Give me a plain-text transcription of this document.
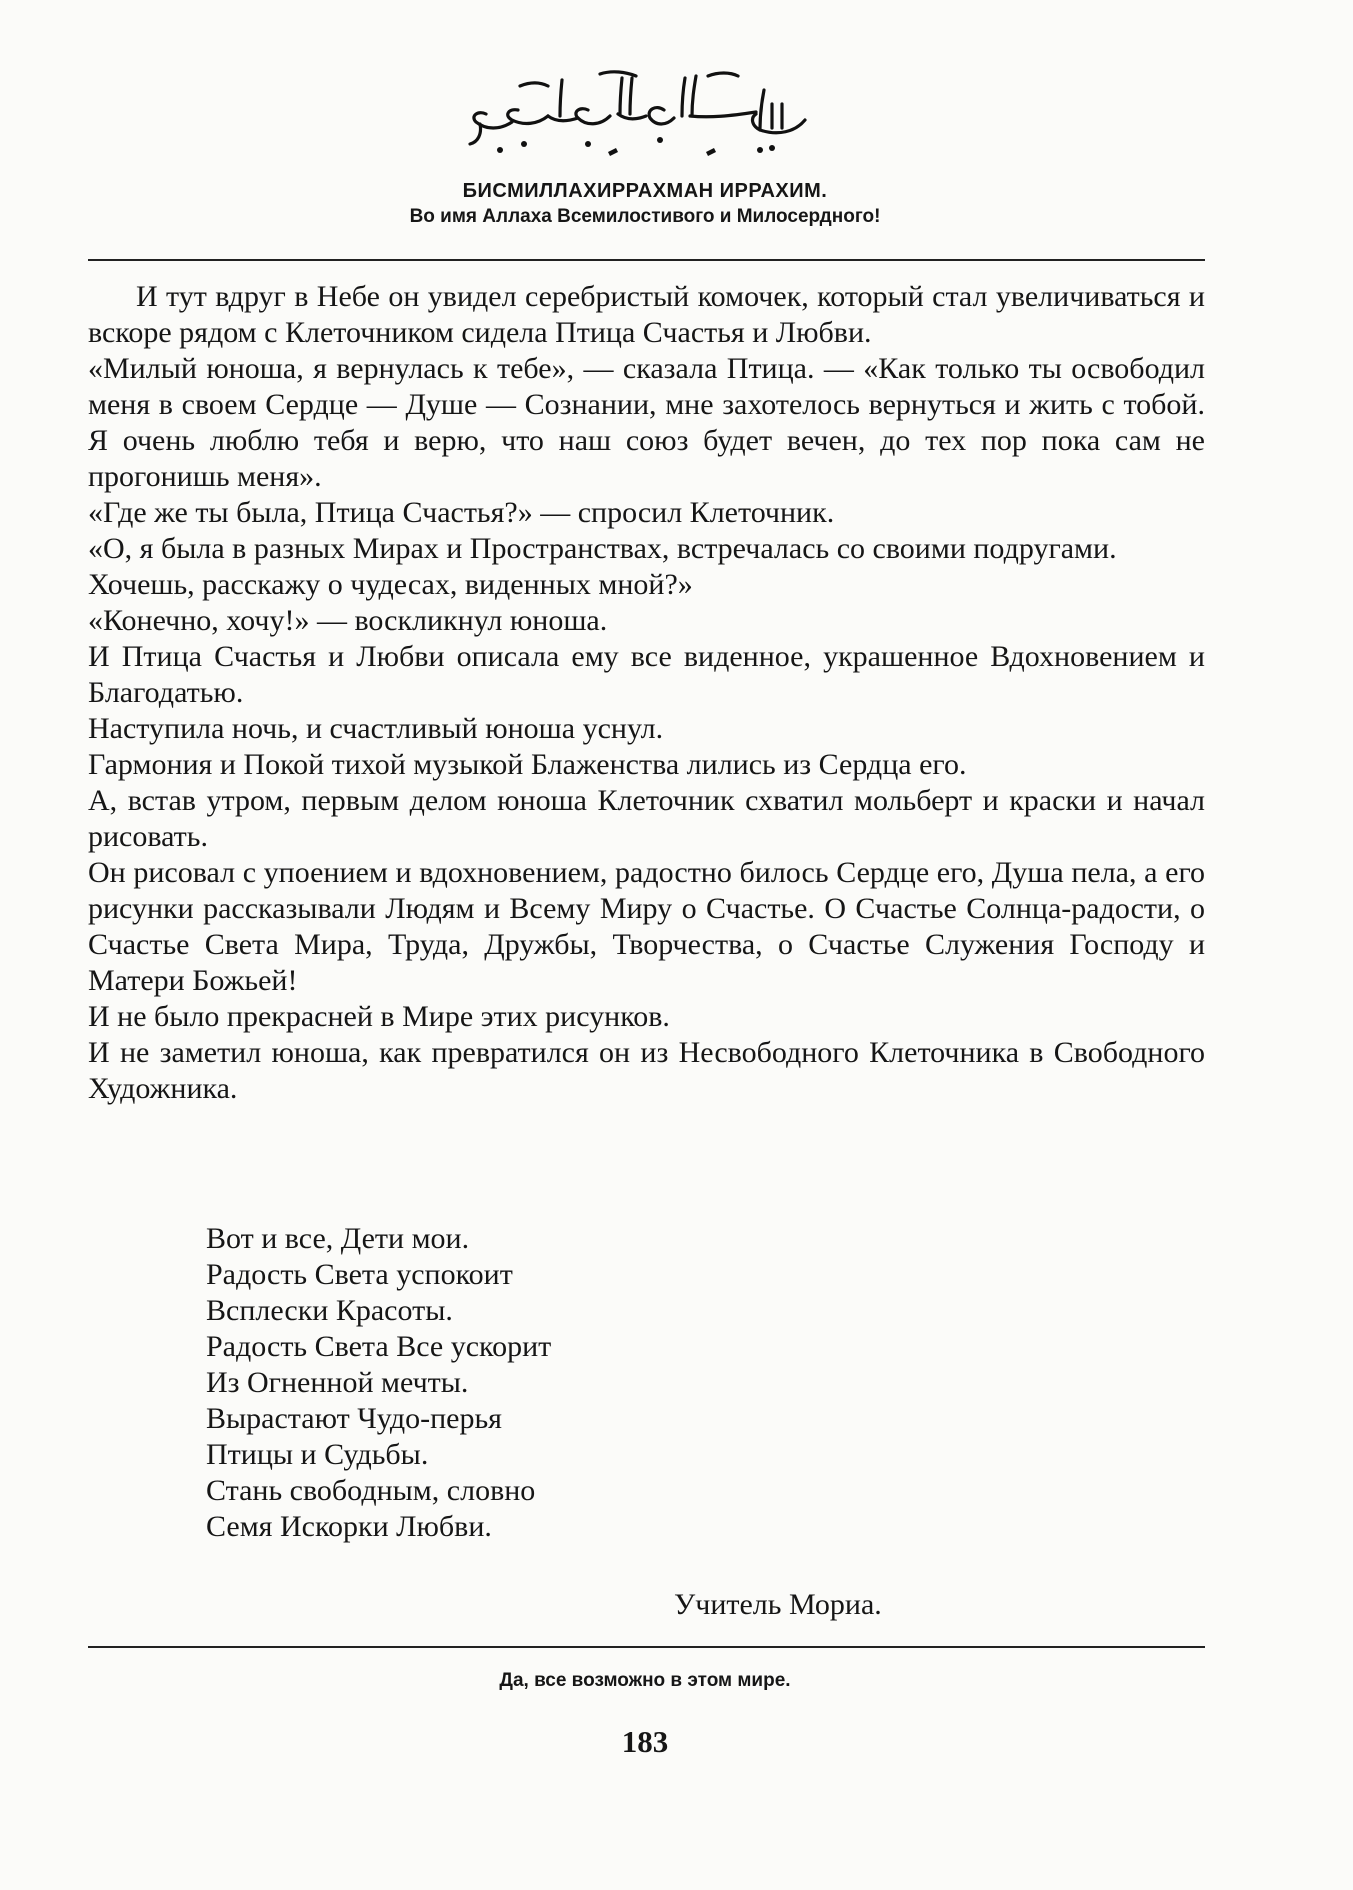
БИСМИЛЛАХИРРАХМАН ИРРАХИМ.
Во имя Аллаха Всемилостивого и Милосердного!

И тут вдруг в Небе он увидел серебристый комочек, который стал увеличиваться и вскоре рядом с Клеточником сидела Птица Счастья и Любви.

«Милый юноша, я вернулась к тебе», — сказала Птица. — «Как только ты освободил меня в своем Сердце — Душе — Сознании, мне захотелось вернуться и жить с тобой. Я очень люблю тебя и верю, что наш союз будет вечен, до тех пор пока сам не прогонишь меня».

«Где же ты была, Птица Счастья?» — спросил Клеточник.

«О, я была в разных Мирах и Пространствах, встречалась со своими подругами.

Хочешь, расскажу о чудесах, виденных мной?»

«Конечно, хочу!» — воскликнул юноша.

И Птица Счастья и Любви описала ему все виденное, украшенное Вдохновением и Благодатью.

Наступила ночь, и счастливый юноша уснул.

Гармония и Покой тихой музыкой Блаженства лились из Сердца его.

А, встав утром, первым делом юноша Клеточник схватил мольберт и краски и начал рисовать.

Он рисовал с упоением и вдохновением, радостно билось Сердце его, Душа пела, а его рисунки рассказывали Людям и Всему Миру о Счастье. О Счастье Солнца-радости, о Счастье Света Мира, Труда, Дружбы, Творчества, о Счастье Служения Господу и Матери Божьей!

И не было прекрасней в Мире этих рисунков.

И не заметил юноша, как превратился он из Несвободного Клеточника в Свободного Художника.

Вот и все, Дети мои.

Радость Света успокоит

Всплески Красоты.

Радость Света Все ускорит

Из Огненной мечты.

Вырастают Чудо-перья

Птицы и Судьбы.

Стань свободным, словно

Семя Искорки Любви.

Учитель Мориа.
Да, все возможно в этом мире.
183
